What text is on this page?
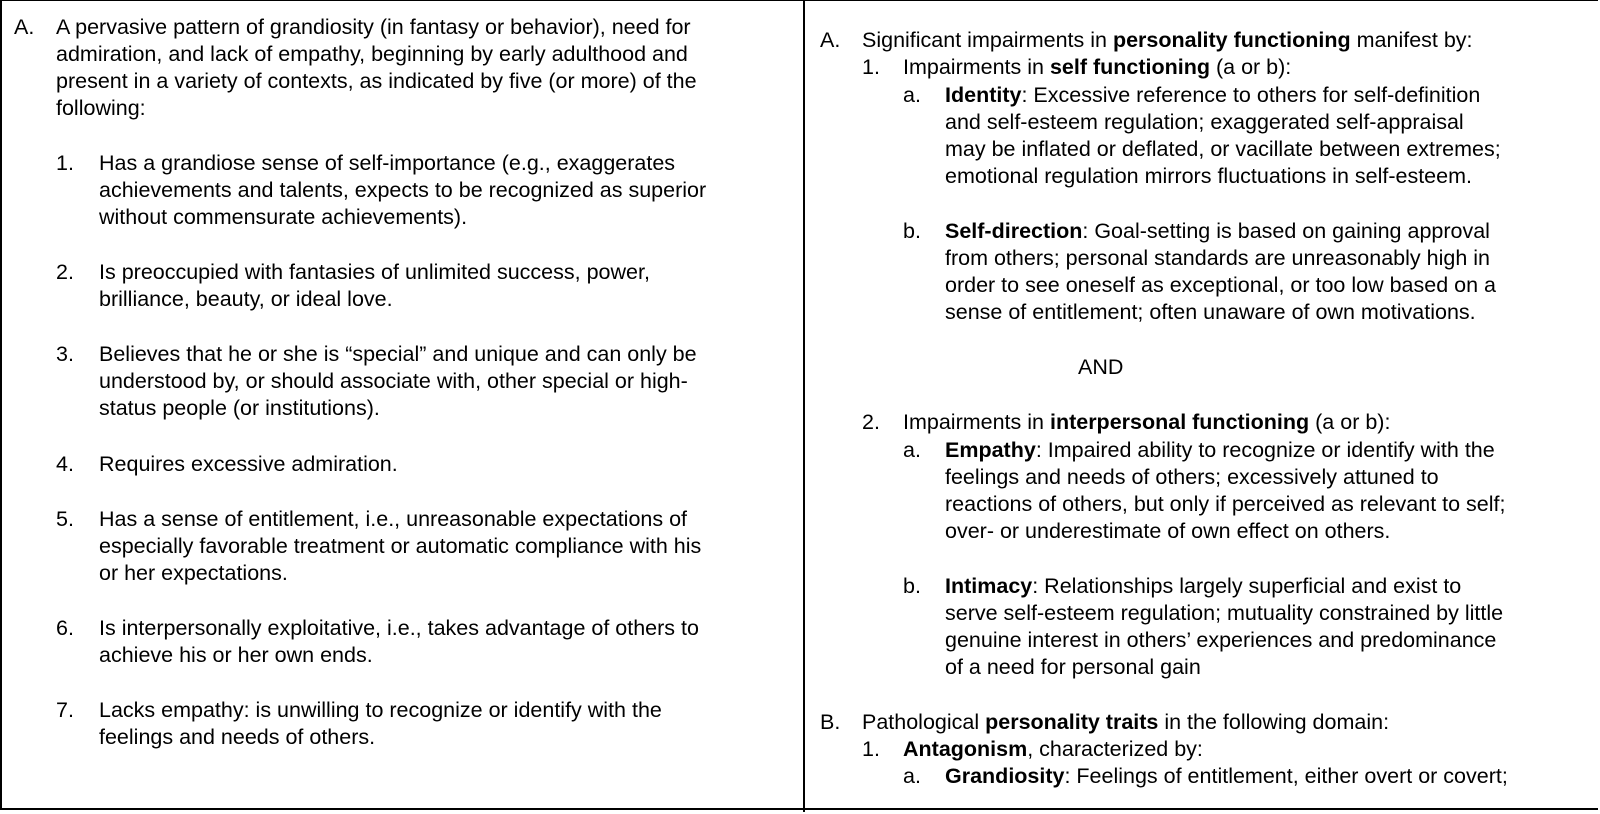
A. A pervasive pattern of grandiosity (in fantasy or behavior), need for
admiration, and lack of empathy, beginning by early adulthood and
present in a variety of contexts, as indicated by five (or more) of the
following:
1. Has a grandiose sense of self-importance (e.g., exaggerates
achievements and talents, expects to be recognized as superior
without commensurate achievements).
2. Is preoccupied with fantasies of unlimited success, power,
brilliance, beauty, or ideal love.
3. Believes that he or she is “special” and unique and can only be
understood by, or should associate with, other special or high-
status people (or institutions).
4. Requires excessive admiration.
5. Has a sense of entitlement, i.e., unreasonable expectations of
especially favorable treatment or automatic compliance with his
or her expectations.
6. Is interpersonally exploitative, i.e., takes advantage of others to
achieve his or her own ends.
7. Lacks empathy: is unwilling to recognize or identify with the
feelings and needs of others.
A. Significant impairments in personality functioning manifest by:
1. Impairments in self functioning (a or b):
a. Identity: Excessive reference to others for self-definition
and self-esteem regulation; exaggerated self-appraisal
may be inflated or deflated, or vacillate between extremes;
emotional regulation mirrors fluctuations in self-esteem.
b. Self-direction: Goal-setting is based on gaining approval
from others; personal standards are unreasonably high in
order to see oneself as exceptional, or too low based on a
sense of entitlement; often unaware of own motivations.
AND
2. Impairments in interpersonal functioning (a or b):
a. Empathy: Impaired ability to recognize or identify with the
feelings and needs of others; excessively attuned to
reactions of others, but only if perceived as relevant to self;
over- or underestimate of own effect on others.
b. Intimacy: Relationships largely superficial and exist to
serve self-esteem regulation; mutuality constrained by little
genuine interest in others’ experiences and predominance
of a need for personal gain
B. Pathological personality traits in the following domain:
1. Antagonism, characterized by:
a. Grandiosity: Feelings of entitlement, either overt or covert;
